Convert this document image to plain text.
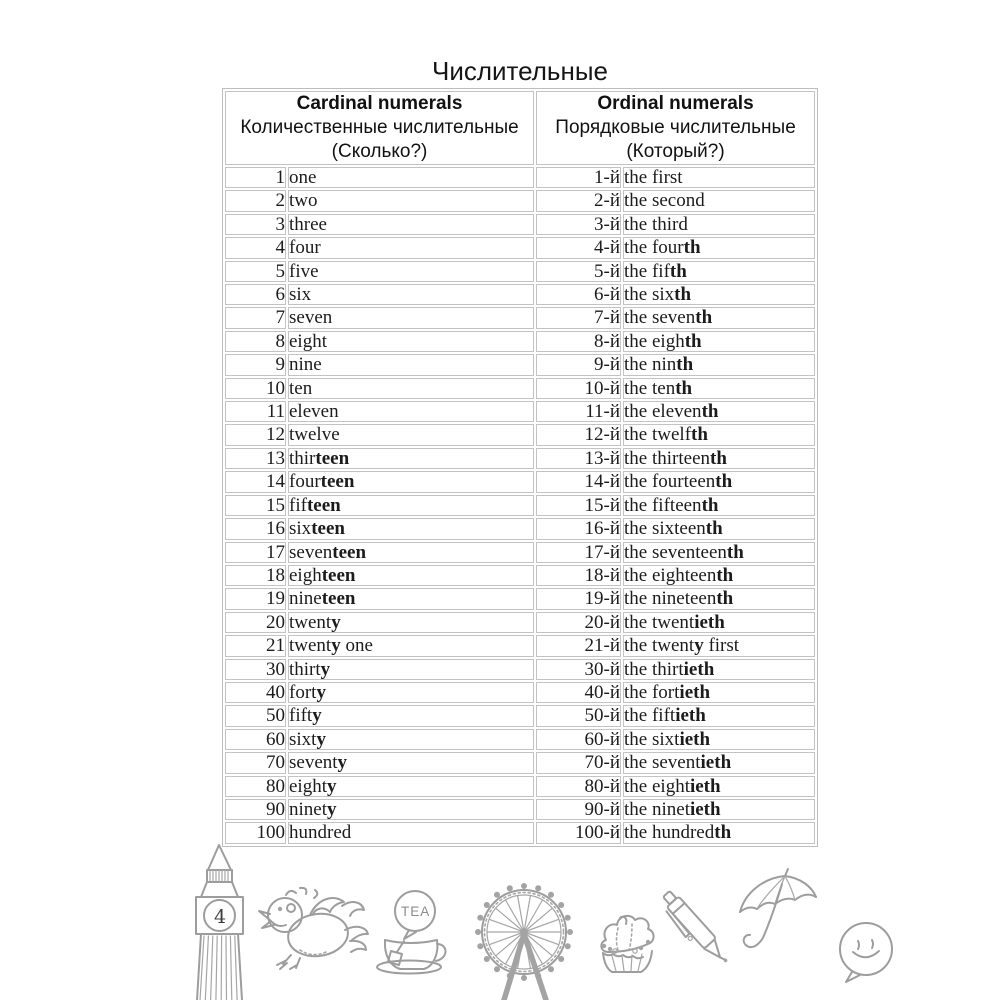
Числительные
Cardinal numerals
Количественные числительные
(Сколько?)

Ordinal numerals
Порядковые числительные
(Который?)

1	one	1-й	the first
2	two	2-й	the second
3	three	3-й	the third
4	four	4-й	the fourth
5	five	5-й	the fifth
6	six	6-й	the sixth
7	seven	7-й	the seventh
8	eight	8-й	the eighth
9	nine	9-й	the ninth
10	ten	10-й	the tenth
11	eleven	11-й	the eleventh
12	twelve	12-й	the twelfth
13	thirteen	13-й	the thirteenth
14	fourteen	14-й	the fourteenth
15	fifteen	15-й	the fifteenth
16	sixteen	16-й	the sixteenth
17	seventeen	17-й	the seventeenth
18	eighteen	18-й	the eighteenth
19	nineteen	19-й	the nineteenth
20	twenty	20-й	the twentieth
21	twenty one	21-й	the twenty first
30	thirty	30-й	the thirtieth
40	forty	40-й	the fortieth
50	fifty	50-й	the fiftieth
60	sixty	60-й	the sixtieth
70	seventy	70-й	the seventieth
80	eighty	80-й	the eightieth
90	ninety	90-й	the ninetieth
100	hundred	100-й	the hundredth
4	TEA
